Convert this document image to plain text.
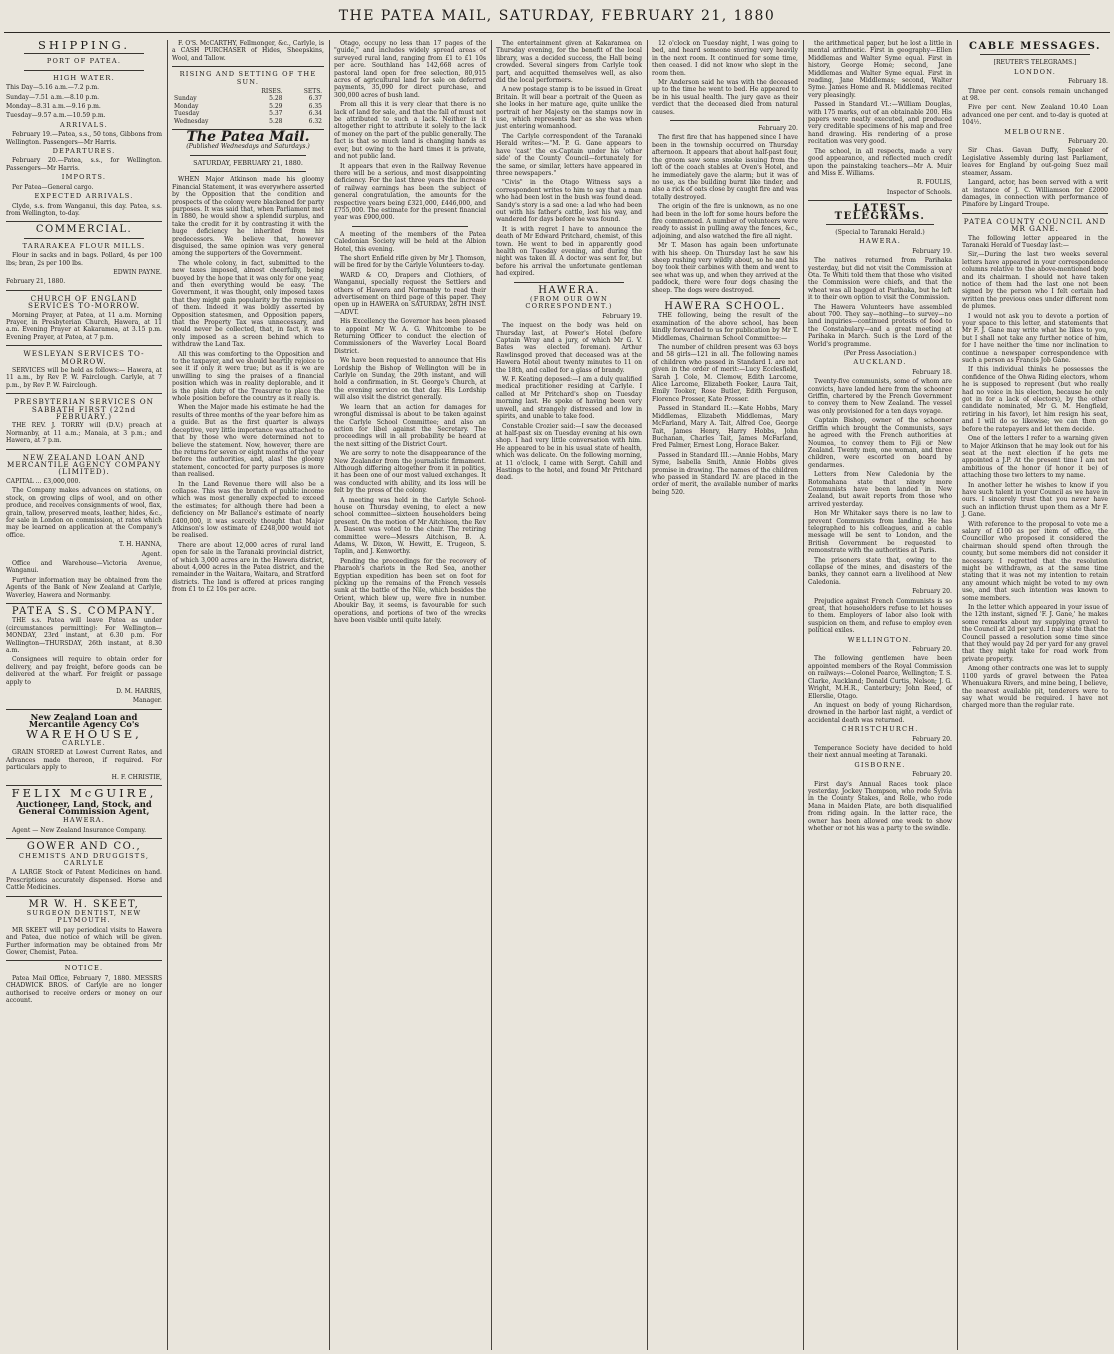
THE PATEA MAIL, SATURDAY, FEBRUARY 21, 1880

SHIPPING.

PORT OF PATEA.

HIGH WATER.

This Day—5.16 a.m.—7.2 p.m.

Sunday—7.51 a.m.—8.10 p.m.

Monday—8.31 a.m.—9.16 p.m.

Tuesday—9.57 a.m.—10.59 p.m.

ARRIVALS.

February 19.—Patea, s.s., 50 tons, Gibbons from Wellington. Passengers—Mr Harris.

DEPARTURES.

February 20.—Patea, s.s., for Wellington. Passengers—Mr Harris.

IMPORTS.

Per Patea—General cargo.

EXPECTED ARRIVALS.

Clyde, s.s. from Wanganui, this day. Patea, s.s. from Wellington, to-day.

COMMERCIAL.

TARARAKEA FLOUR MILLS.

Flour in sacks and in bags. Pollard, 4s per 100 lbs; bran, 2s per 100 lbs.

EDWIN PAYNE.

February 21, 1880.

CHURCH OF ENGLAND SERVICES TO-MORROW.

Morning Prayer, at Patea, at 11 a.m. Morning Prayer, in Presbyterian Church, Hawera, at 11 a.m. Evening Prayer at Kakaramea, at 3.15 p.m. Evening Prayer, at Patea, at 7 p.m.

WESLEYAN SERVICES TO-MORROW.

SERVICES will be held as follows:— Hawera, at 11 a.m., by Rev P. W. Fairclough. Carlyle, at 7 p.m., by Rev P. W. Fairclough.

PRESBYTERIAN SERVICES ON SABBATH FIRST (22nd FEBRUARY.)

THE REV. J. TORRY will (D.V.) preach at Normanby, at 11 a.m.; Manaia, at 3 p.m.; and Hawera, at 7 p.m.

NEW ZEALAND LOAN AND MERCANTILE AGENCY COMPANY (LIMITED).

CAPITAL ... £3,000,000.

The Company makes advances on stations, on stock, on growing clips of wool, and on other produce, and receives consignments of wool, flax, grain, tallow, preserved meats, leather, hides, &c., for sale in London on commission, at rates which may be learned on application at the Company's office.

T. H. HANNA,

Agent.

Office and Warehouse—Victoria Avenue, Wanganui.

Further information may be obtained from the Agents of the Bank of New Zealand at Carlyle, Waverley, Hawera and Normanby.

PATEA S.S. COMPANY.

THE s.s. Patea will leave Patea as under (circumstances permitting): For Wellington—MONDAY, 23rd instant, at 6.30 p.m. For Wellington—THURSDAY, 26th instant, at 8.30 a.m.

Consignees will require to obtain order for delivery, and pay freight, before goods can be delivered at the wharf. For freight or passage apply to

D. M. HARRIS,

Manager.

New Zealand Loan and Mercantile Agency Co's

WAREHOUSE,

CARLYLE.

GRAIN STORED at Lowest Current Rates, and Advances made thereon, if required. For particulars apply to

H. F. CHRISTIE,

FELIX McGUIRE,

Auctioneer, Land, Stock, and General Commission Agent,

HAWERA.

Agent — New Zealand Insurance Company.

GOWER AND CO.,

CHEMISTS AND DRUGGISTS, CARLYLE

A LARGE Stock of Patent Medicines on hand. Prescriptions accurately dispensed. Horse and Cattle Medicines.

MR W. H. SKEET,

SURGEON DENTIST, NEW PLYMOUTH.

MR SKEET will pay periodical visits to Hawera and Patea, due notice of which will be given. Further information may be obtained from Mr Gower, Chemist, Patea.

NOTICE.

Patea Mail Office, February 7, 1880. MESSRS CHADWICK BROS. of Carlyle are no longer authorised to receive orders or money on our account.

F. O'S. McCARTHY, Fellmonger, &c., Carlyle, is a CASH PURCHASER of Hides, Sheepskins, Wool, and Tallow.

RISING AND SETTING OF THE SUN.

	RISES.	SETS.
Sunday	5.28	6.37
Monday	5.29	6.35
Tuesday	5.37	6.34
Wednesday	5.28	6.32

The Patea Mail.

(Published Wednesdays and Saturdays.)

SATURDAY, FEBRUARY 21, 1880.

WHEN Major Atkinson made his gloomy Financial Statement, it was everywhere asserted by the Opposition that the condition and prospects of the colony were blackened for party purposes. It was said that, when Parliament met in 1880, he would show a splendid surplus, and take the credit for it by contrasting it with the huge deficiency he inherited from his predecessors. We believe that, however disguised, the same opinion was very general among the supporters of the Government.

The whole colony, in fact, submitted to the new taxes imposed, almost cheerfully, being buoyed by the hope that it was only for one year, and then everything would be easy. The Government, it was thought, only imposed taxes that they might gain popularity by the remission of them. Indeed it was boldly asserted by Opposition statesmen, and Opposition papers, that the Property Tax was unnecessary, and would never be collected, that, in fact, it was only imposed as a screen behind which to withdraw the Land Tax.

All this was comforting to the Opposition and to the taxpayer, and we should heartily rejoice to see it if only it were true; but as it is we are unwilling to sing the praises of a financial position which was in reality deplorable, and it is the plain duty of the Treasurer to place the whole position before the country as it really is.

When the Major made his estimate he had the results of three months of the year before him as a guide. But as the first quarter is always deceptive, very little importance was attached to that by those who were determined not to believe the statement. Now, however, there are the returns for seven or eight months of the year before the authorities, and, alas! the gloomy statement, concocted for party purposes is more than realised.

In the Land Revenue there will also be a collapse. This was the branch of public income which was most generally expected to exceed the estimates; for although there had been a deficiency on Mr Ballance's estimate of nearly £400,000, it was scarcely thought that Major Atkinson's low estimate of £248,000 would not be realised.

There are about 12,000 acres of rural land open for sale in the Taranaki provincial district, of which 3,000 acres are in the Hawera district, about 4,000 acres in the Patea district, and the remainder in the Waitara, Waitara, and Stratford districts. The land is offered at prices ranging from £1 to £2 10s per acre.

Otago, occupy no less than 17 pages of the "guide," and includes widely spread areas of surveyed rural land, ranging from £1 to £1 10s per acre. Southland has 142,668 acres of pastoral land open for free selection, 80,915 acres of agricultural land for sale on deferred payments, 35,090 for direct purchase, and 300,000 acres of bush land.

From all this it is very clear that there is no lack of land for sale, and that the fall of must not be attributed to such a lack. Neither is it altogether right to attribute it solely to the lack of money on the part of the public generally. The fact is that so much land is changing hands as ever, but owing to the hard times it is private, and not public land.

It appears that even in the Railway Revenue there will be a serious, and most disappointing deficiency. For the last three years the increase of railway earnings has been the subject of general congratulation, the amounts for the respective years being £321,000, £446,000, and £755,000. The estimate for the present financial year was £900,000.

A meeting of the members of the Patea Caledonian Society will be held at the Albion Hotel, this evening.

The short Enfield rifle given by Mr J. Thomson, will be fired for by the Carlyle Volunteers to-day.

WARD & CO, Drapers and Clothiers, of Wanganui, specially request the Settlers and others of Hawera and Normanby to read their advertisement on third page of this paper. They open up in HAWERA on SATURDAY, 28TH INST.—ADVT.

His Excellency the Governor has been pleased to appoint Mr W. A. G. Whitcombe to be Returning Officer to conduct the election of Commissioners of the Waverley Local Board District.

We have been requested to announce that His Lordship the Bishop of Wellington will be in Carlyle on Sunday, the 29th instant, and will hold a confirmation, in St. George's Church, at the evening service on that day. His Lordship will also visit the district generally.

We learn that an action for damages for wrongful dismissal is about to be taken against the Carlyle School Committee; and also an action for libel against the Secretary. The proceedings will in all probability be heard at the next sitting of the District Court.

We are sorry to note the disappearance of the New Zealander from the journalistic firmament. Although differing altogether from it in politics, it has been one of our most valued exchanges. It was conducted with ability, and its loss will be felt by the press of the colony.

A meeting was held in the Carlyle School-house on Thursday evening, to elect a new school committee—sixteen householders being present. On the motion of Mr Aitchison, the Rev A. Dasent was voted to the chair. The retiring committee were—Messrs Aitchison, B. A. Adams, W. Dixon, W. Hewitt, E. Trugeon, S. Taplin, and J. Kenworthy.

Pending the proceedings for the recovery of Pharaoh's chariots in the Red Sea, another Egyptian expedition has been set on foot for picking up the remains of the French vessels sunk at the battle of the Nile, which besides the Orient, which blew up, were five in number. Aboukir Bay, it seems, is favourable for such operations, and portions of two of the wrecks have been visible until quite lately.

The entertainment given at Kakaramea on Thursday evening, for the benefit of the local library, was a decided success, the Hall being crowded. Several singers from Carlyle took part, and acquitted themselves well, as also did the local performers.

A new postage stamp is to be issued in Great Britain. It will bear a portrait of the Queen as she looks in her mature age, quite unlike the portrait of her Majesty on the stamps now in use, which represents her as she was when just entering womanhood.

The Carlyle correspondent of the Taranaki Herald writes:—"M. P. G. Gane appears to have 'cast' the ex-Captain under his 'other side' of the County Council—fortunately for the same, or similar, letters have appeared in three newspapers."

"Civis" in the Otago Witness says a correspondent writes to him to say that a man who had been lost in the bush was found dead. Sandy's story is a sad one: a lad who had been out with his father's cattle, lost his way, and wandered for days before he was found.

It is with regret I have to announce the death of Mr Edward Pritchard, chemist, of this town. He went to bed in apparently good health on Tuesday evening, and during the night was taken ill. A doctor was sent for, but before his arrival the unfortunate gentleman had expired.

HAWERA.

(FROM OUR OWN CORRESPONDENT.)

February 19.

The inquest on the body was held on Thursday last, at Power's Hotel (before Captain Wray and a jury, of which Mr G. V. Bates was elected foreman). Arthur Rawlinsgod proved that deceased was at the Hawera Hotel about twenty minutes to 11 on the 18th, and called for a glass of brandy.

W. F. Keating deposed:—I am a duly qualified medical practitioner residing at Carlyle. I called at Mr Pritchard's shop on Tuesday morning last. He spoke of having been very unwell, and strangely distressed and low in spirits, and unable to take food.

Constable Crozier said:—I saw the deceased at half-past six on Tuesday evening at his own shop. I had very little conversation with him. He appeared to be in his usual state of health, which was delicate. On the following morning, at 11 o'clock, I came with Sergt. Cahill and Hastings to the hotel, and found Mr Pritchard dead.

12 o'clock on Tuesday night, I was going to bed, and heard someone snoring very heavily in the next room. It continued for some time, then ceased. I did not know who slept in the room then.

Mr Anderson said he was with the deceased up to the time he went to bed. He appeared to be in his usual health. The jury gave as their verdict that the deceased died from natural causes.

February 20.

The first fire that has happened since I have been in the township occurred on Thursday afternoon. It appears that about half-past four, the groom saw some smoke issuing from the loft of the coach stables at Oven's Hotel, and he immediately gave the alarm; but it was of no use, as the building burnt like tinder, and also a rick of oats close by caught fire and was totally destroyed.

The origin of the fire is unknown, as no one had been in the loft for some hours before the fire commenced. A number of volunteers were ready to assist in pulling away the fences, &c., adjoining, and also watched the fire all night.

Mr T. Mason has again been unfortunate with his sheep. On Thursday last he saw his sheep rushing very wildly about, so he and his boy took their carbines with them and went to see what was up, and when they arrived at the paddock, there were four dogs chasing the sheep. The dogs were destroyed.

HAWERA SCHOOL.

THE following, being the result of the examination of the above school, has been kindly forwarded to us for publication by Mr T. Middlemas, Chairman School Committee:—

The number of children present was 63 boys and 58 girls—121 in all. The following names of children who passed in Standard I. are not given in the order of merit:—Lucy Ecclesfield, Sarah J. Cole, M. Clemow, Edith Larcome, Alice Larcome, Elizabeth Fooker, Laura Tait, Emily Tooker, Rose Butler, Edith Ferguson, Florence Prosser, Kate Prosser.

Passed in Standard II.:—Kate Hobbs, Mary Middlemas, Elizabeth Middlemas, Mary McFarland, Mary A. Tait, Alfred Coe, George Tait, James Henry, Harry Hobbs, John Buchanan, Charles Tait, James McFarland, Fred Palmer, Ernest Long, Horace Baker.

Passed in Standard III.:—Annie Hobbs, Mary Syme, Isabella Smith, Annie Hobbs gives promise in drawing. The names of the children who passed in Standard IV. are placed in the order of merit, the available number of marks being 520.

the arithmetical paper, but he lost a little in mental arithmetic. First in geography—Ellen Middlemas and Walter Syme equal. First in history, George Home; second, Jane Middlemas and Walter Syme equal. First in reading, Jane Middlemas; second, Walter Syme. James Home and R. Middlemas recited very pleasingly.

Passed in Standard VI.:—William Douglas, with 175 marks, out of an obtainable 200. His papers were neatly executed, and produced very creditable specimens of his map and free hand drawing. His rendering of a prose recitation was very good.

The school, in all respects, made a very good appearance, and reflected much credit upon the painstaking teachers—Mr A. Muir and Miss E. Williams.

R. FOULIS,

Inspector of Schools.

LATEST TELEGRAMS.

(Special to Taranaki Herald.)

HAWERA.

February 19.

The natives returned from Parihaka yesterday, but did not visit the Commission at Ota. Te Whiti told them that those who visited the Commission were chiefs, and that the wheat was all bagged at Parihaka, but he left it to their own option to visit the Commission.

The Hawera Volunteers have assembled about 700. They say—nothing—to survey—no land inquiries—continued protests of food to the Constabulary—and a great meeting at Parihaka in March. Such is the Lord of the World's programme.

(Per Press Association.)

AUCKLAND.

February 18.

Twenty-five communists, some of whom are convicts, have landed here from the schooner Griffin, chartered by the French Government to convey them to New Zealand. The vessel was only provisioned for a ten days voyage.

Captain Bishop, owner of the schooner Griffin which brought the Communists, says he agreed with the French authorities at Noumea, to convey them to Fiji or New Zealand. Twenty men, one woman, and three children, were escorted on board by gendarmes.

Letters from New Caledonia by the Rotomahana state that ninety more Communists have been landed in New Zealand, but await reports from those who arrived yesterday.

Hon Mr Whitaker says there is no law to prevent Communists from landing. He has telegraphed to his colleagues, and a cable message will be sent to London, and the British Government be requested to remonstrate with the authorities at Paris.

The prisoners state that, owing to the collapse of the mines, and disasters of the banks, they cannot earn a livelihood at New Caledonia.

February 20.

Prejudice against French Communists is so great, that householders refuse to let houses to them. Employers of labor also look with suspicion on them, and refuse to employ even political exiles.

WELLINGTON.

February 20.

The following gentlemen have been appointed members of the Royal Commission on railways:—Colonel Pearce, Wellington; T. S. Clarke, Auckland; Donald Curtis, Nelson; J. G. Wright, M.H.R., Canterbury; John Reed, of Ellerslie, Otago.

An inquest on body of young Richardson, drowned in the harbor last night, a verdict of accidental death was returned.

CHRISTCHURCH.

February 20.

Temperance Society have decided to hold their next annual meeting at Taranaki.

GISBORNE.

February 20.

First day's Annual Races took place yesterday. Jockey Thompson, who rode Sylvia in the County Stakes, and Rolle, who rode Mana in Maiden Plate, are both disqualified from riding again. In the latter race, the owner has been allowed one week to show whether or not his was a party to the swindle.

CABLE MESSAGES.

[REUTER'S TELEGRAMS.]

LONDON.

February 18.

Three per cent. consols remain unchanged at 98.

Five per cent. New Zealand 10.40 Loan advanced one per cent. and to-day is quoted at 104½.

MELBOURNE.

February 20.

Sir Chas. Gavan Duffy, Speaker of Legislative Assembly during last Parliament, leaves for England by out-going Suez mail steamer, Assam.

Langard, actor, has been served with a writ at instance of J. C. Williamson for £2000 damages, in connection with performance of Pinafore by Lingard Troupe.

PATEA COUNTY COUNCIL AND MR GANE.

The following letter appeared in the Taranaki Herald of Tuesday last:—

Sir,—During the last two weeks several letters have appeared in your correspondence columns relative to the above-mentioned body and its chairman. I should not have taken notice of them had the last one not been signed by the person who I felt certain had written the previous ones under different nom de plumes.

I would not ask you to devote a portion of your space to this letter, and statements that Mr F. J. Gane may write what he likes to you, but I shall not take any further notice of him, for I have neither the time nor inclination to continue a newspaper correspondence with such a person as Francis Job Gane.

If this individual thinks he possesses the confidence of the Ohwa Riding electors, whom he is supposed to represent (but who really had no voice in his election, because he only got in for a lack of electors), by the other candidate nominated, Mr G. M. Hengfield, retiring in his favor), let him resign his seat, and I will do so likewise; we can then go before the ratepayers and let them decide.

One of the letters I refer to a warning given to Major Atkinson that he may look out for his seat at the next election if he gets me appointed a J.P. At the present time I am not ambitious of the honor (if honor it be) of attaching those two letters to my name.

In another letter he wishes to know if you have such talent in your Council as we have in ours. I sincerely trust that you never have such an infliction thrust upon them as a Mr F. J. Gane.

With reference to the proposal to vote me a salary of £100 as per item of office, the Councillor who proposed it considered the chairman should spend often through the county, but some members did not consider it necessary. I regretted that the resolution might be withdrawn, as at the same time stating that it was not my intention to retain any amount which might be voted to my own use, and that such intention was known to some members.

In the letter which appeared in your issue of the 12th instant, signed 'F. J. Gane,' he makes some remarks about my supplying gravel to the Council at 2d per yard. I may state that the Council passed a resolution some time since that they would pay 2d per yard for any gravel that they might take for road work from private property.

Among other contracts one was let to supply 1100 yards of gravel between the Patea Whenuakura Rivers, and mine being, I believe, the nearest available pit, tenderers were to say what would be required. I have not charged more than the regular rate.
